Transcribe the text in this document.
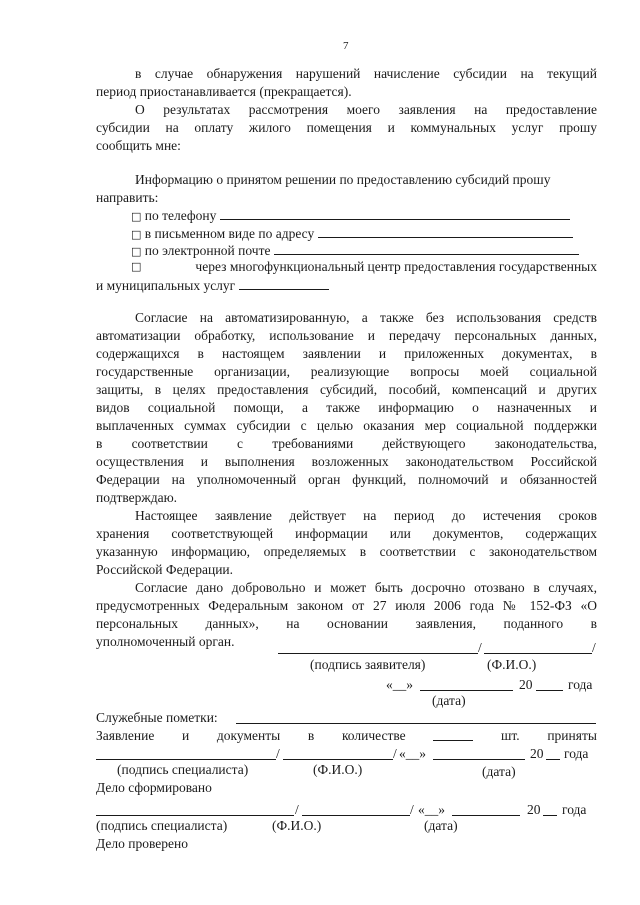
7
в случае обнаружения нарушений начисление субсидии на текущий
период приостанавливается (прекращается).
О результатах рассмотрения моего заявления на предоставление
субсидии на оплату жилого помещения и коммунальных услуг прошу
сообщить мне:
Информацию о принятом решении по предоставлению субсидий прошу
направить:
□ по телефону
□ в письменном виде по адресу
□ по электронной почте
□	через многофункциональный центр предоставления государственных
и муниципальных услуг
Согласие на автоматизированную, а также без использования средств
автоматизации обработку, использование и передачу персональных данных,
содержащихся в настоящем заявлении и приложенных документах, в
государственные организации, реализующие вопросы моей социальной
защиты, в целях предоставления субсидий, пособий, компенсаций и других
видов социальной помощи, а также информацию о назначенных и
выплаченных суммах субсидии с целью оказания мер социальной поддержки
в соответствии с требованиями действующего законодательства,
осуществления и выполнения возложенных законодательством Российской
Федерации на уполномоченный орган функций, полномочий и обязанностей
подтверждаю.
Настоящее заявление действует на период до истечения сроков
хранения соответствующей информации или документов, содержащих
указанную информацию, определяемых в соответствии с законодательством
Российской Федерации.
Согласие дано добровольно и может быть досрочно отозвано в случаях,
предусмотренных Федеральным законом от 27 июля 2006 года № 152-ФЗ «О
персональных данных», на основании заявления, поданного в
уполномоченный орган.	/	/
(подпись заявителя)	(Ф.И.О.)
«__»	20	года
(дата)
Служебные пометки:
Заявление и документы в количестве	шт. приняты
/	/ «__»	20 года
(подпись специалиста)	(Ф.И.О.)	(дата)
Дело сформировано
/	/ «__»	20 года
(подпись специалиста)	(Ф.И.О.)	(дата)
Дело проверено
